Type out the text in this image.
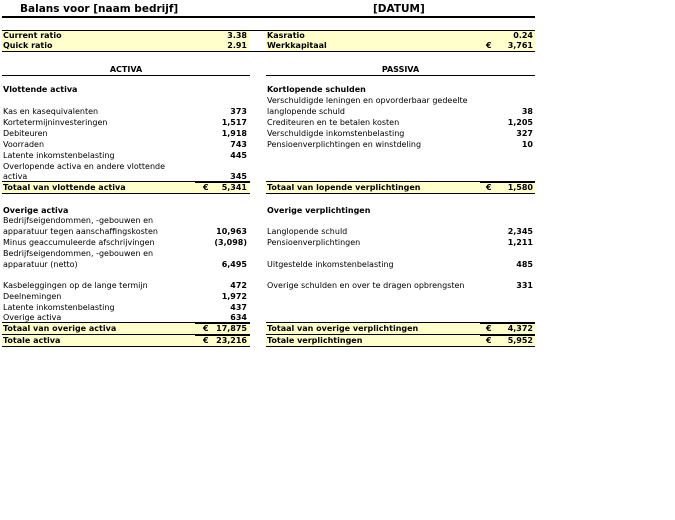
Balans voor [naam bedrijf]	[DATUM]
Current ratio	3.38
Quick ratio	2.91
Kasratio	0.24
Werkkapitaal	€ 3,761
ACTIVA	PASSIVA
Vlottende activa
Kas en kasequivalenten	373
Kortetermijninvesteringen	1,517
Debiteuren	1,918
Voorraden	743
Latente inkomstenbelasting	445
Overlopende activa en andere vlottende
activa	345
Totaal van vlottende activa	€ 5,341
Overige activa
Bedrijfseigendommen, -gebouwen en
apparatuur tegen aanschaffingskosten	10,963
Minus geaccumuleerde afschrijvingen	(3,098)
Bedrijfseigendommen, -gebouwen en
apparatuur (netto)	6,495
Kasbeleggingen op de lange termijn	472
Deelnemingen	1,972
Latente inkomstenbelasting	437
Overige activa	634
Totaal van overige activa	€ 17,875
Totale activa	€ 23,216
Kortlopende schulden
Verschuldigde leningen en opvorderbaar gedeelte
langlopende schuld	38
Crediteuren en te betalen kosten	1,205
Verschuldigde inkomstenbelasting	327
Pensioenverplichtingen en winstdeling	10
Totaal van lopende verplichtingen	€ 1,580
Overige verplichtingen
Langlopende schuld	2,345
Pensioenverplichtingen	1,211
Uitgestelde inkomstenbelasting	485
Overige schulden en over te dragen opbrengsten	331
Totaal van overige verplichtingen	€ 4,372
Totale verplichtingen	€ 5,952
